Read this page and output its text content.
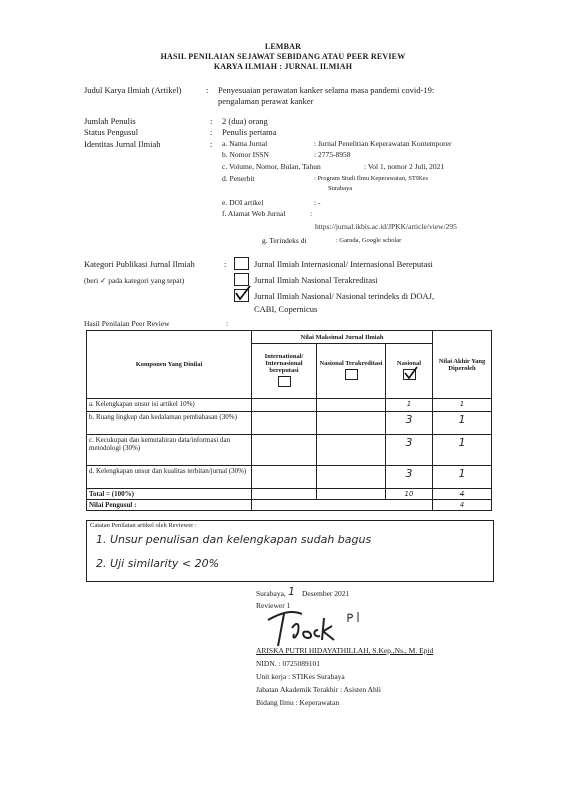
LEMBAR
HASIL PENILAIAN SEJAWAT SEBIDANG ATAU PEER REVIEW
KARYA ILMIAH : JURNAL ILMIAH
Judul Karya Ilmiah (Artikel)	: Penyesuaian perawatan kanker selama masa pandemi covid-19:
pengalaman perawat kanker
Jumlah Penulis	: 2 (dua) orang
Status Pengusul	: Penulis pertama
Identitas Jurnal Ilmiah	: a. Nama Jurnal	: Jurnal Penelitian Keperawatan Kontemporer
b. Nomor ISSN	: 2775-8958
c. Volume, Nomor, Bulan, Tahun	: Vol 1, nomor 2 Juli, 2021
d. Penerbit	: Program Studi Ilmu Keperawatan, STIKes
Surabaya
e. DOI artikel	: -
f. Alamat Web Jurnal	:
https://jurnal.ikbis.ac.id/JPKK/article/view/295
g. Terindeks di	: Garuda, Google scholar
Kategori Publikasi Jurnal Ilmiah	:
(beri ✓ pada kategori yang tepat)
Jurnal Ilmiah Internasional/ Internasional Bereputasi
Jurnal Ilmiah Nasional Terakreditasi
Jurnal Ilmiah Nasional/ Nasional terindeks di DOAJ,
CABI, Copernicus
Hasil Penilaian Peer Review	:
Komponen Yang Dinilai	Nilai Maksimal Jurnal Ilmiah			Nilai Akhir Yang Diperoleh

	International/ Internasional bereputasi	Nasional Terakreditasi	Nasional	

a. Kelengkapan unsur isi artikel 10%)			1	1
b. Ruang lingkup dan kedalaman pembahasan (30%)			3	1
c. Kecukupan dan kemutahiran data/informasi dan metodologi (30%)			3	1
d. Kelengkapan unsur dan kualitas terbitan/jurnal (30%)			3	1
Total = (100%)			10	4
Nilai Pengusul :				4
Catatan Penilaian artikel oleh Reviewer :
1. Unsur penulisan dan kelengkapan sudah bagus
2. Uji similarity < 20%
Surabaya, 1 Desember 2021
Reviewer 1
ARISKA PUTRI HIDAYATHILLAH, S.Kep.,Ns., M. Epid
NIDN. : 0725089101
Unit kerja : STIKes Surabaya
Jabatan Akademik Terakhir : Asisten Ahli
Bidang Ilmu : Keperawatan
